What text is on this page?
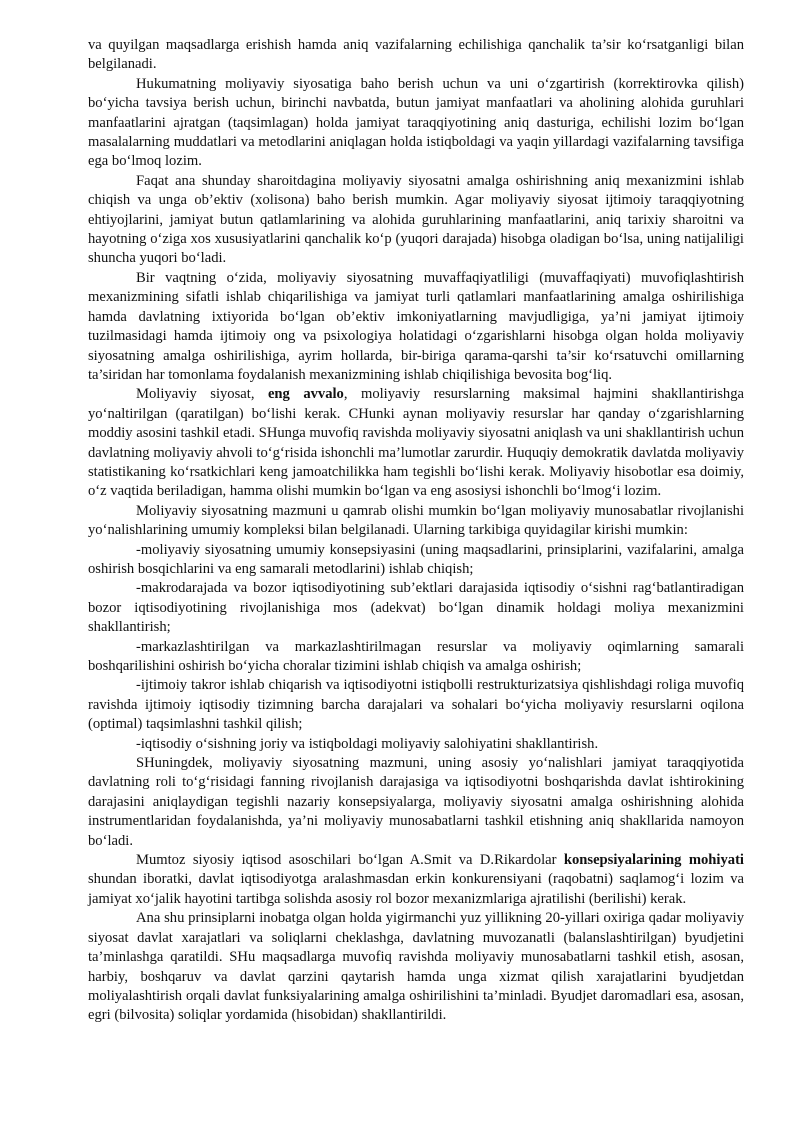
va quyilgan maqsadlarga erishish hamda aniq vazifalarning echilishiga qanchalik ta’sir ko‘rsatganligi bilan belgilanadi.

Hukumatning moliyaviy siyosatiga baho berish uchun va uni o‘zgartirish (korrektirovka qilish) bo‘yicha tavsiya berish uchun, birinchi navbatda, butun jamiyat manfaatlari va aholining alohida guruhlari manfaatlarini ajratgan (taqsimlagan) holda jamiyat taraqqiyotining aniq dasturiga, echilishi lozim bo‘lgan masalalarning muddatlari va metodlarini aniqlagan holda istiqboldagi va yaqin yillardagi vazifalarning tavsifiga ega bo‘lmoq lozim.

Faqat ana shunday sharoitdagina moliyaviy siyosatni amalga oshirishning aniq mexanizmini ishlab chiqish va unga ob’ektiv (xolisona) baho berish mumkin. Agar moliyaviy siyosat ijtimoiy taraqqiyotning ehtiyojlarini, jamiyat butun qatlamlarining va alohida guruhlarining manfaatlarini, aniq tarixiy sharoitni va hayotning o‘ziga xos xususiyatlarini qanchalik ko‘p (yuqori darajada) hisobga oladigan bo‘lsa, uning natijaliligi shuncha yuqori bo‘ladi.

Bir vaqtning o‘zida, moliyaviy siyosatning muvaffaqiyatliligi (muvaffaqiyati) muvofiqlashtirish mexanizmining sifatli ishlab chiqarilishiga va jamiyat turli qatlamlari manfaatlarining amalga oshirilishiga hamda davlatning ixtiyorida bo‘lgan ob’ektiv imkoniyatlarning mavjudligiga, ya’ni jamiyat ijtimoiy tuzilmasidagi hamda ijtimoiy ong va psixologiya holatidagi o‘zgarishlarni hisobga olgan holda moliyaviy siyosatning amalga oshirilishiga, ayrim hollarda, bir-biriga qarama-qarshi ta’sir ko‘rsatuvchi omillarning ta’siridan har tomonlama foydalanish mexanizmining ishlab chiqilishiga bevosita bog‘liq.

Moliyaviy siyosat, eng avvalo, moliyaviy resurslarning maksimal hajmini shakllantirishga yo‘naltirilgan (qaratilgan) bo‘lishi kerak. CHunki aynan moliyaviy resurslar har qanday o‘zgarishlarning moddiy asosini tashkil etadi. SHunga muvofiq ravishda moliyaviy siyosatni aniqlash va uni shakllantirish uchun davlatning moliyaviy ahvoli to‘g‘risida ishonchli ma’lumotlar zarurdir. Huquqiy demokratik davlatda moliyaviy statistikaning ko‘rsatkichlari keng jamoatchilikka ham tegishli bo‘lishi kerak. Moliyaviy hisobotlar esa doimiy, o‘z vaqtida beriladigan, hamma olishi mumkin bo‘lgan va eng asosiysi ishonchli bo‘lmog‘i lozim.

Moliyaviy siyosatning mazmuni u qamrab olishi mumkin bo‘lgan moliyaviy munosabatlar rivojlanishi yo‘nalishlarining umumiy kompleksi bilan belgilanadi. Ularning tarkibiga quyidagilar kirishi mumkin:

-moliyaviy siyosatning umumiy konsepsiyasini (uning maqsadlarini, prinsiplarini, vazifalarini, amalga oshirish bosqichlarini va eng samarali metodlarini) ishlab chiqish;

-makrodarajada va bozor iqtisodiyotining sub’ektlari darajasida iqtisodiy o‘sishni rag‘batlantiradigan bozor iqtisodiyotining rivojlanishiga mos (adekvat) bo‘lgan dinamik holdagi moliya mexanizmini shakllantirish;

-markazlashtirilgan va markazlashtirilmagan resurslar va moliyaviy oqimlarning samarali boshqarilishini oshirish bo‘yicha choralar tizimini ishlab chiqish va amalga oshirish;

-ijtimoiy takror ishlab chiqarish va iqtisodiyotni istiqbolli restrukturizatsiya qishlishdagi roliga muvofiq ravishda ijtimoiy iqtisodiy tizimning barcha darajalari va sohalari bo‘yicha moliyaviy resurslarni oqilona (optimal) taqsimlashni tashkil qilish;

-iqtisodiy o‘sishning joriy va istiqboldagi moliyaviy salohiyatini shakllantirish.

SHuningdek, moliyaviy siyosatning mazmuni, uning asosiy yo‘nalishlari jamiyat taraqqiyotida davlatning roli to‘g‘risidagi fanning rivojlanish darajasiga va iqtisodiyotni boshqarishda davlat ishtirokining darajasini aniqlaydigan tegishli nazariy konsepsiyalarga, moliyaviy siyosatni amalga oshirishning alohida instrumentlaridan foydalanishda, ya’ni moliyaviy munosabatlarni tashkil etishning aniq shakllarida namoyon bo‘ladi.

Mumtoz siyosiy iqtisod asoschilari bo‘lgan A.Smit va D.Rikardolar konsepsiyalarining mohiyati shundan iboratki, davlat iqtisodiyotga aralashmasdan erkin konkurensiyani (raqobatni) saqlamog‘i lozim va jamiyat xo‘jalik hayotini tartibga solishda asosiy rol bozor mexanizmlariga ajratilishi (berilishi) kerak.

Ana shu prinsiplarni inobatga olgan holda yigirmanchi yuz yillikning 20-yillari oxiriga qadar moliyaviy siyosat davlat xarajatlari va soliqlarni cheklashga, davlatning muvozanatli (balanslashtirilgan) byudjetini ta’minlashga qaratildi. SHu maqsadlarga muvofiq ravishda moliyaviy munosabatlarni tashkil etish, asosan, harbiy, boshqaruv va davlat qarzini qaytarish hamda unga xizmat qilish xarajatlarini byudjetdan moliyalashtirish orqali davlat funksiyalarining amalga oshirilishini ta’minladi. Byudjet daromadlari esa, asosan, egri (bilvosita) soliqlar yordamida (hisobidan) shakllantirildi.
